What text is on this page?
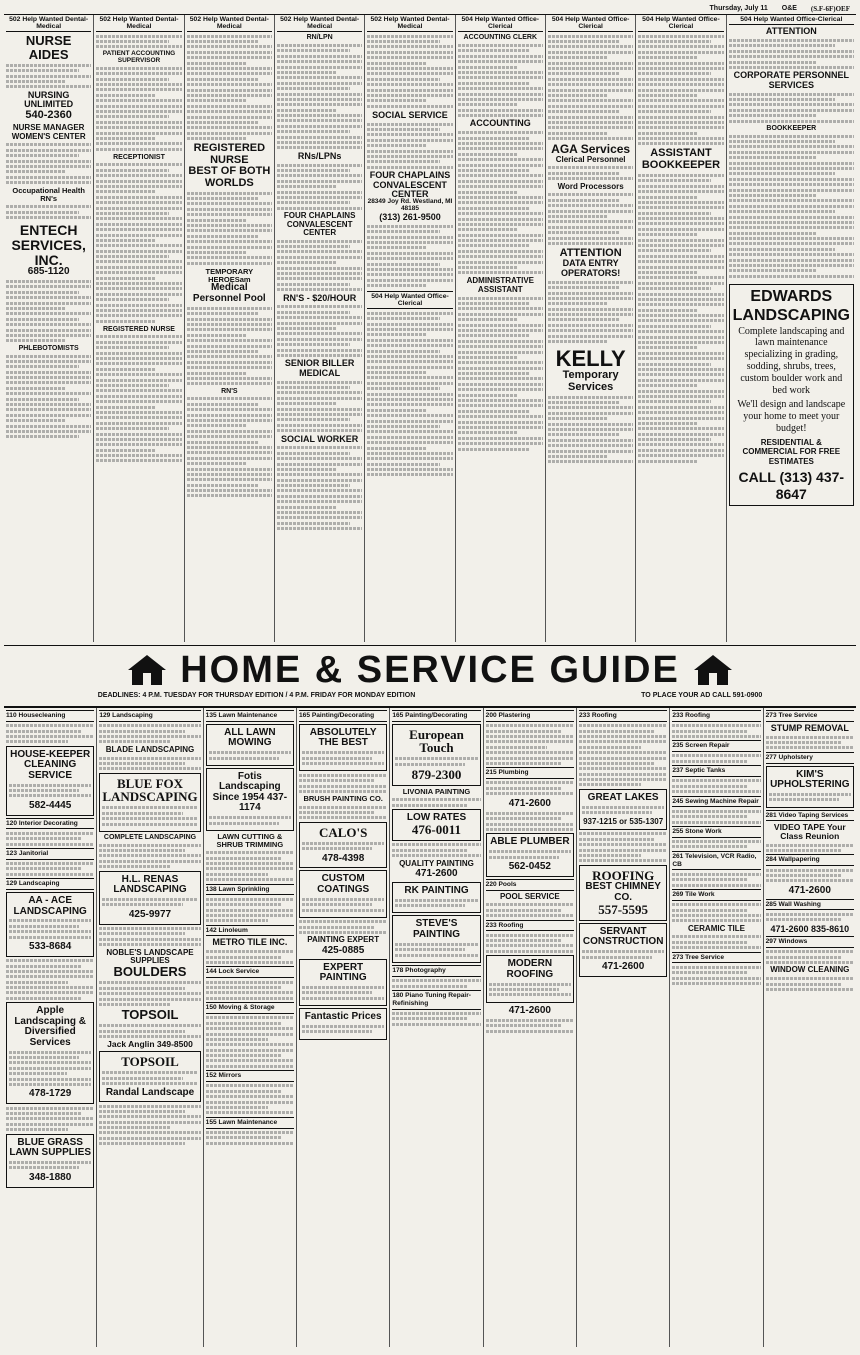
Thursday, July 11 O&E (S.F-6F)OEF
502 Help Wanted Dental-Medical
NURSE AIDES
NURSING UNLIMITED
540-2360
NURSE MANAGER WOMEN'S CENTER
Occupational Health RN's
ENTECH SERVICES, INC.
685-1120
PHLEBOTOMISTS
502 Help Wanted Dental-Medical
PATIENT ACCOUNTING SUPERVISOR
RECEPTIONIST
REGISTERED NURSE
502 Help Wanted Dental-Medical
REGISTERED NURSE
BEST OF BOTH WORLDS
TEMPORARY HEROESam
Medical Personnel Pool
RN'S
502 Help Wanted Dental-Medical
RN/LPN
RNs/LPNs
FOUR CHAPLAINS CONVALESCENT CENTER
RN'S - $20/HOUR
SENIOR BILLER MEDICAL
SOCIAL WORKER
502 Help Wanted Dental-Medical
SOCIAL SERVICE
FOUR CHAPLAINS CONVALESCENT CENTER
28349 Joy Rd. Westland, MI 48185
(313) 261-9500
504 Help Wanted Office-Clerical
504 Help Wanted Office-Clerical
ACCOUNTING CLERK
ACCOUNTING
ADMINISTRATIVE ASSISTANT
504 Help Wanted Office-Clerical
AGA Services
Clerical Personnel
Word Processors
ATTENTION
DATA ENTRY OPERATORS!
KELLY
Temporary Services
504 Help Wanted Office-Clerical
ASSISTANT BOOKKEEPER
504 Help Wanted Office-Clerical
ATTENTION
CORPORATE PERSONNEL SERVICES
BOOKKEEPER
EDWARDS LANDSCAPING
Complete landscaping and lawn maintenance specializing in grading, sodding, shrubs, trees, custom boulder work and bed work
We'll design and landscape your home to meet your budget!
RESIDENTIAL & COMMERCIAL FOR FREE ESTIMATES
CALL (313) 437-8647
HOME & SERVICE GUIDE
DEADLINES: 4 P.M. TUESDAY FOR THURSDAY EDITION / 4 P.M. FRIDAY FOR MONDAY EDITION	TO PLACE YOUR AD CALL 591-0900
110 Housecleaning
HOUSE-KEEPER CLEANING SERVICE
582-4445
120 Interior Decorating
123 Janitorial
129 Landscaping
AA - ACE LANDSCAPING
533-8684
Apple Landscaping & Diversified Services
478-1729
BLUE GRASS LAWN SUPPLIES
348-1880
129 Landscaping
BLADE LANDSCAPING
BLUE FOX LANDSCAPING
COMPLETE LANDSCAPING
H.L. RENAS LANDSCAPING
425-9977
NOBLE'S LANDSCAPE SUPPLIES
BOULDERS
TOPSOIL
Jack Anglin 349-8500
TOPSOIL
Randal Landscape
135 Lawn Maintenance
ALL LAWN MOWING
Fotis Landscaping
Since 1954 437-1174
LAWN CUTTING & SHRUB TRIMMING
138 Lawn Sprinkling
142 Linoleum
METRO TILE INC.
144 Lock Service
150 Moving & Storage
152 Mirrors
155 Lawn Maintenance
165 Painting/Decorating
ABSOLUTELY THE BEST
BRUSH PAINTING CO.
CALO'S
478-4398
CUSTOM COATINGS
PAINTING EXPERT
425-0885
EXPERT PAINTING
Fantastic Prices
165 Painting/Decorating
European Touch
879-2300
LIVONIA PAINTING
LOW RATES
476-0011
QUALITY PAINTING
471-2600
RK PAINTING
STEVE'S PAINTING
178 Photography
180 Piano Tuning Repair-Refinishing
200 Plastering
215 Plumbing
471-2600
ABLE PLUMBER
562-0452
220 Pools
POOL SERVICE
233 Roofing
MODERN ROOFING
471-2600
233 Roofing
GREAT LAKES
937-1215 or 535-1307
ROOFING
BEST CHIMNEY CO.
557-5595
SERVANT CONSTRUCTION
471-2600
233 Roofing
235 Screen Repair
237 Septic Tanks
245 Sewing Machine Repair
255 Stone Work
261 Television, VCR Radio, CB
269 Tile Work
CERAMIC TILE
273 Tree Service
273 Tree Service
STUMP REMOVAL
277 Upholstery
KIM'S UPHOLSTERING
281 Video Taping Services
VIDEO TAPE Your Class Reunion
284 Wallpapering
471-2600
285 Wall Washing
471-2600 835-8610
297 Windows
WINDOW CLEANING
